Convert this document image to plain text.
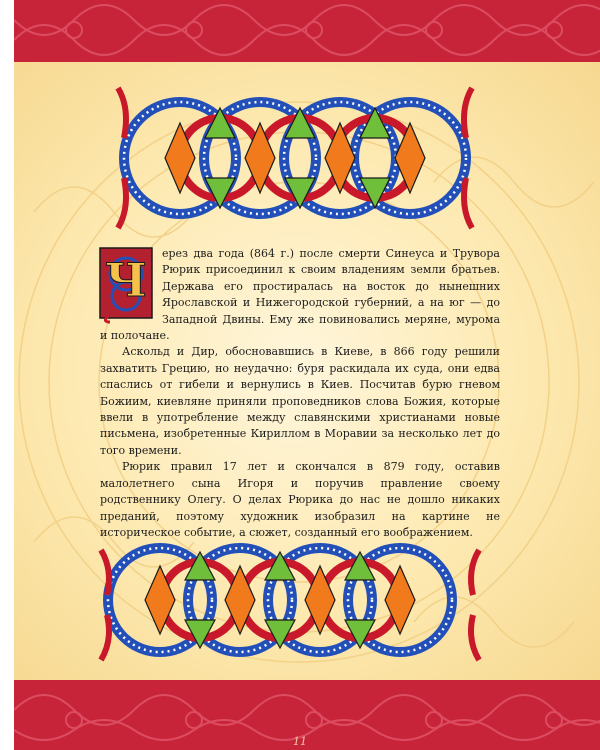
Ч	ерез два года (864 г.) после смерти Синеуса и Трувора Рюрик присоединил к своим владениям земли братьев. Держава его простиралась на восток до нынешних Ярославской и Нижегородской губерний, а на юг — до Западной Двины. Ему же повиновались меряне, мурома и полочане.

Аскольд и Дир, обосновавшись в Киеве, в 866 году решили захватить Грецию, но неудачно: буря раскидала их суда, они едва спаслись от гибели и вернулись в Киев. Посчитав бурю гневом Божиим, киевляне приняли проповедников слова Божия, которые ввели в употребление между славянскими христианами новые письмена, изобретенные Кириллом в Моравии за несколько лет до того времени.

Рюрик правил 17 лет и скончался в 879 году, оставив малолетнего сына Игоря и поручив правление своему родственнику Олегу. О делах Рюрика до нас не дошло никаких преданий, поэтому художник изобразил на картине не историческое событие, а сюжет, созданный его воображением.

11
